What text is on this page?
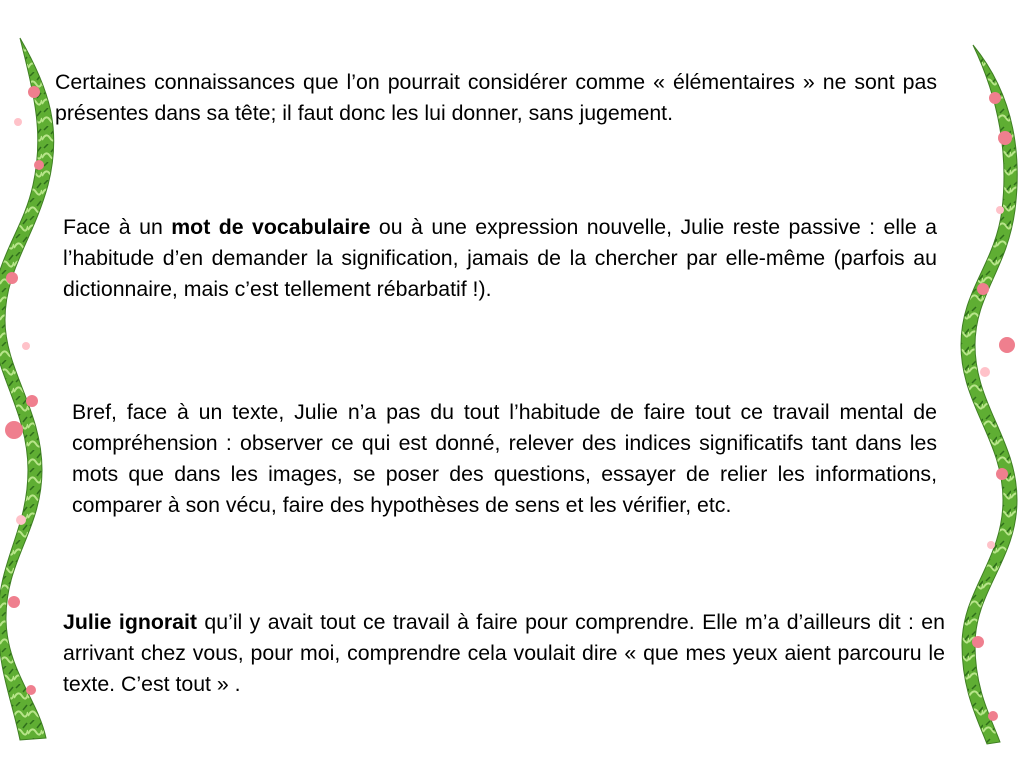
Certaines connaissances que l’on pourrait considérer comme « élémentaires » ne sont pas présentes dans sa tête; il faut donc les lui donner, sans jugement.

Face à un mot de vocabulaire ou à une expression nouvelle, Julie reste passive : elle a l’habitude d’en demander la signification, jamais de la chercher par elle-même (parfois au dictionnaire, mais c’est tellement rébarbatif !).

Bref, face à un texte, Julie n’a pas du tout l’habitude de faire tout ce travail mental de compréhension : observer ce qui est donné, relever des indices significatifs tant dans les mots que dans les images, se poser des questions, essayer de relier les informations, comparer à son vécu, faire des hypothèses de sens et les vérifier, etc.

Julie ignorait qu’il y avait tout ce travail à faire pour comprendre. Elle m’a d’ailleurs dit : en arrivant chez vous, pour moi, comprendre cela voulait dire « que mes yeux aient parcouru le texte. C’est tout » .
